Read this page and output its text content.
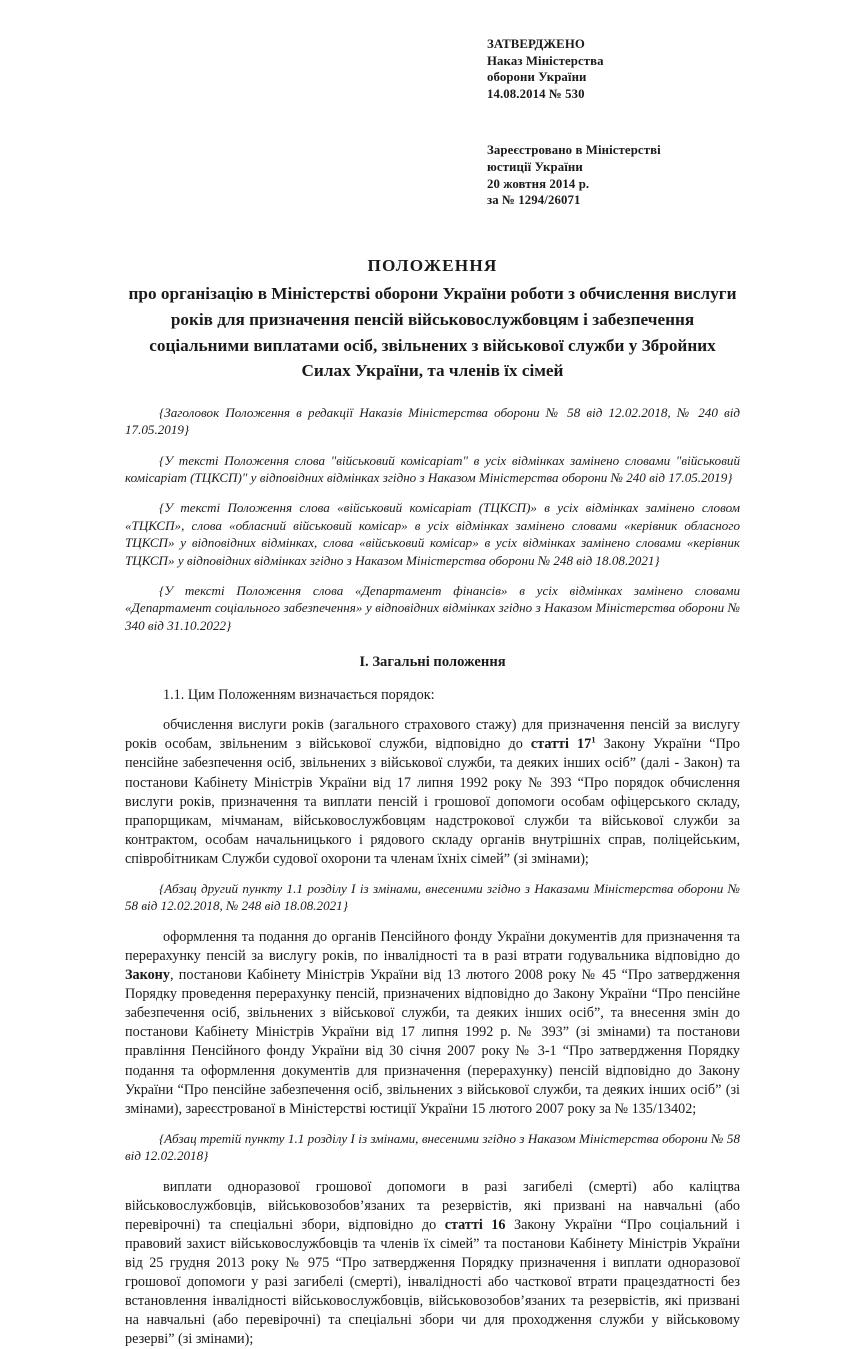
ЗАТВЕРДЖЕНО
Наказ Міністерства
оборони України
14.08.2014 № 530
Зареєстровано в Міністерстві
юстиції України
20 жовтня 2014 р.
за № 1294/26071
ПОЛОЖЕННЯ
про організацію в Міністерстві оборони України роботи з обчислення вислуги років для призначення пенсій військовослужбовцям і забезпечення соціальними виплатами осіб, звільнених з військової служби у Збройних Силах України, та членів їх сімей

{Заголовок Положення в редакції Наказів Міністерства оборони № 58 від 12.02.2018, № 240 від 17.05.2019}

{У тексті Положення слова "військовий комісаріат" в усіх відмінках замінено словами "військовий комісаріат (ТЦКСП)" у відповідних відмінках згідно з Наказом Міністерства оборони № 240 від 17.05.2019}

{У тексті Положення слова «військовий комісаріат (ТЦКСП)» в усіх відмінках замінено словом «ТЦКСП», слова «обласний військовий комісар» в усіх відмінках замінено словами «керівник обласного ТЦКСП» у відповідних відмінках, слова «військовий комісар» в усіх відмінках замінено словами «керівник ТЦКСП» у відповідних відмінках згідно з Наказом Міністерства оборони № 248 від 18.08.2021}

{У тексті Положення слова «Департамент фінансів» в усіх відмінках замінено словами «Департамент соціального забезпечення» у відповідних відмінках згідно з Наказом Міністерства оборони № 340 від 31.10.2022}

I. Загальні положення

1.1. Цим Положенням визначається порядок:

обчислення вислуги років (загального страхового стажу) для призначення пенсій за вислугу років особам, звільненим з військової служби, відповідно до статті $17^1$ Закону України “Про пенсійне забезпечення осіб, звільнених з військової служби, та деяких інших осіб” (далі - Закон) та постанови Кабінету Міністрів України від 17 липня 1992 року № 393 “Про порядок обчислення вислуги років, призначення та виплати пенсій і грошової допомоги особам офіцерського складу, прапорщикам, мічманам, військовослужбовцям надстрокової служби та військової служби за контрактом, особам начальницького і рядового складу органів внутрішніх справ, поліцейським, співробітникам Служби судової охорони та членам їхніх сімей” (зі змінами);

{Абзац другий пункту 1.1 розділу I із змінами, внесеними згідно з Наказами Міністерства оборони № 58 від 12.02.2018, № 248 від 18.08.2021}

оформлення та подання до органів Пенсійного фонду України документів для призначення та перерахунку пенсій за вислугу років, по інвалідності та в разі втрати годувальника відповідно до Закону, постанови Кабінету Міністрів України від 13 лютого 2008 року № 45 “Про затвердження Порядку проведення перерахунку пенсій, призначених відповідно до Закону України “Про пенсійне забезпечення осіб, звільнених з військової служби, та деяких інших осіб”, та внесення змін до постанови Кабінету Міністрів України від 17 липня 1992 р. № 393” (зі змінами) та постанови правління Пенсійного фонду України від 30 січня 2007 року № 3-1 “Про затвердження Порядку подання та оформлення документів для призначення (перерахунку) пенсій відповідно до Закону України “Про пенсійне забезпечення осіб, звільнених з військової служби, та деяких інших осіб” (зі змінами), зареєстрованої в Міністерстві юстиції України 15 лютого 2007 року за № 135/13402;

{Абзац третій пункту 1.1 розділу I із змінами, внесеними згідно з Наказом Міністерства оборони № 58 від 12.02.2018}

виплати одноразової грошової допомоги в разі загибелі (смерті) або каліцтва військовослужбовців, військовозобов’язаних та резервістів, які призвані на навчальні (або перевірочні) та спеціальні збори, відповідно до статті 16 Закону України “Про соціальний і правовий захист військовослужбовців та членів їх сімей” та постанови Кабінету Міністрів України від 25 грудня 2013 року № 975 “Про затвердження Порядку призначення і виплати одноразової грошової допомоги у разі загибелі (смерті), інвалідності або часткової втрати працездатності без встановлення інвалідності військовослужбовців, військовозобов’язаних та резервістів, які призвані на навчальні (або перевірочні) та спеціальні збори чи для проходження служби у військовому резерві” (зі змінами);
